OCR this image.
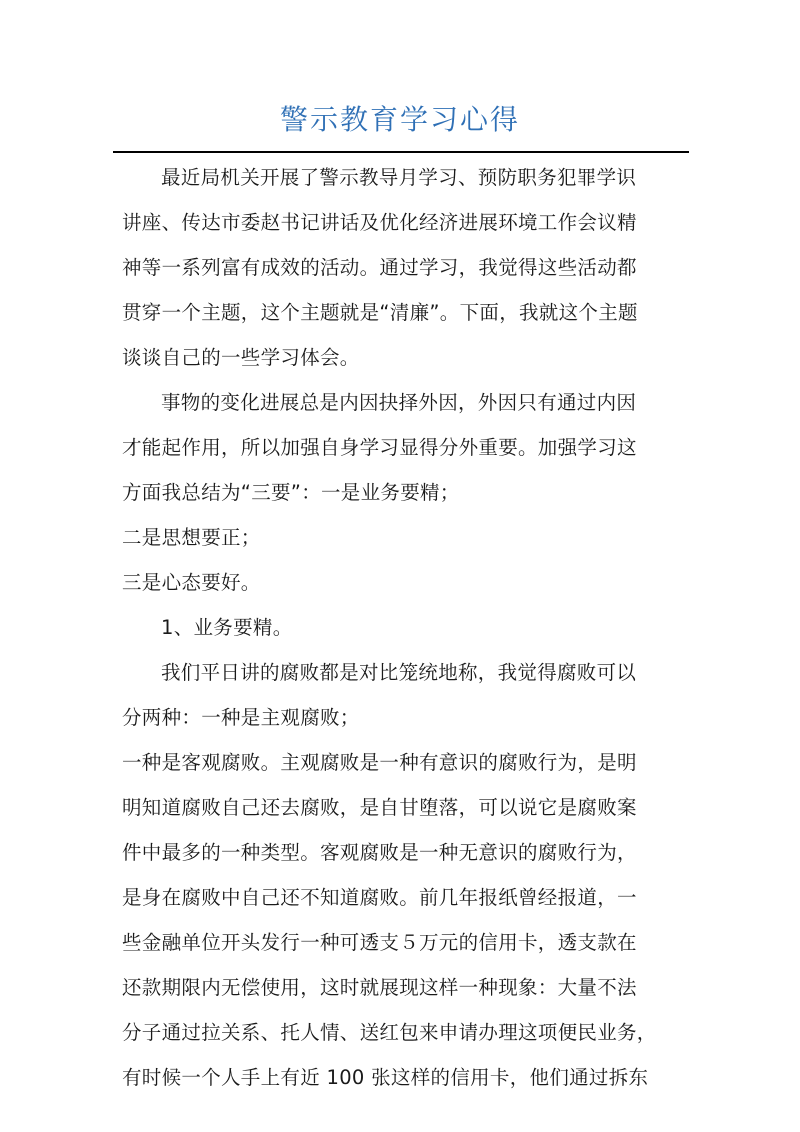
警示教育学习心得
最近局机关开展了警示教导月学习、预防职务犯罪学识
讲座、传达市委赵书记讲话及优化经济进展环境工作会议精
神等一系列富有成效的活动。通过学习，我觉得这些活动都
贯穿一个主题，这个主题就是“清廉”。下面，我就这个主题
谈谈自己的一些学习体会。
事物的变化进展总是内因抉择外因，外因只有通过内因
才能起作用，所以加强自身学习显得分外重要。加强学习这
方面我总结为“三要”：一是业务要精；
二是思想要正；
三是心态要好。
1、业务要精。
我们平日讲的腐败都是对比笼统地称，我觉得腐败可以
分两种：一种是主观腐败；
一种是客观腐败。主观腐败是一种有意识的腐败行为，是明
明知道腐败自己还去腐败，是自甘堕落，可以说它是腐败案
件中最多的一种类型。客观腐败是一种无意识的腐败行为，
是身在腐败中自己还不知道腐败。前几年报纸曾经报道，一
些金融单位开头发行一种可透支５万元的信用卡，透支款在
还款期限内无偿使用，这时就展现这样一种现象：大量不法
分子通过拉关系、托人情、送红包来申请办理这项便民业务，
有时候一个人手上有近 100 张这样的信用卡，他们通过拆东
